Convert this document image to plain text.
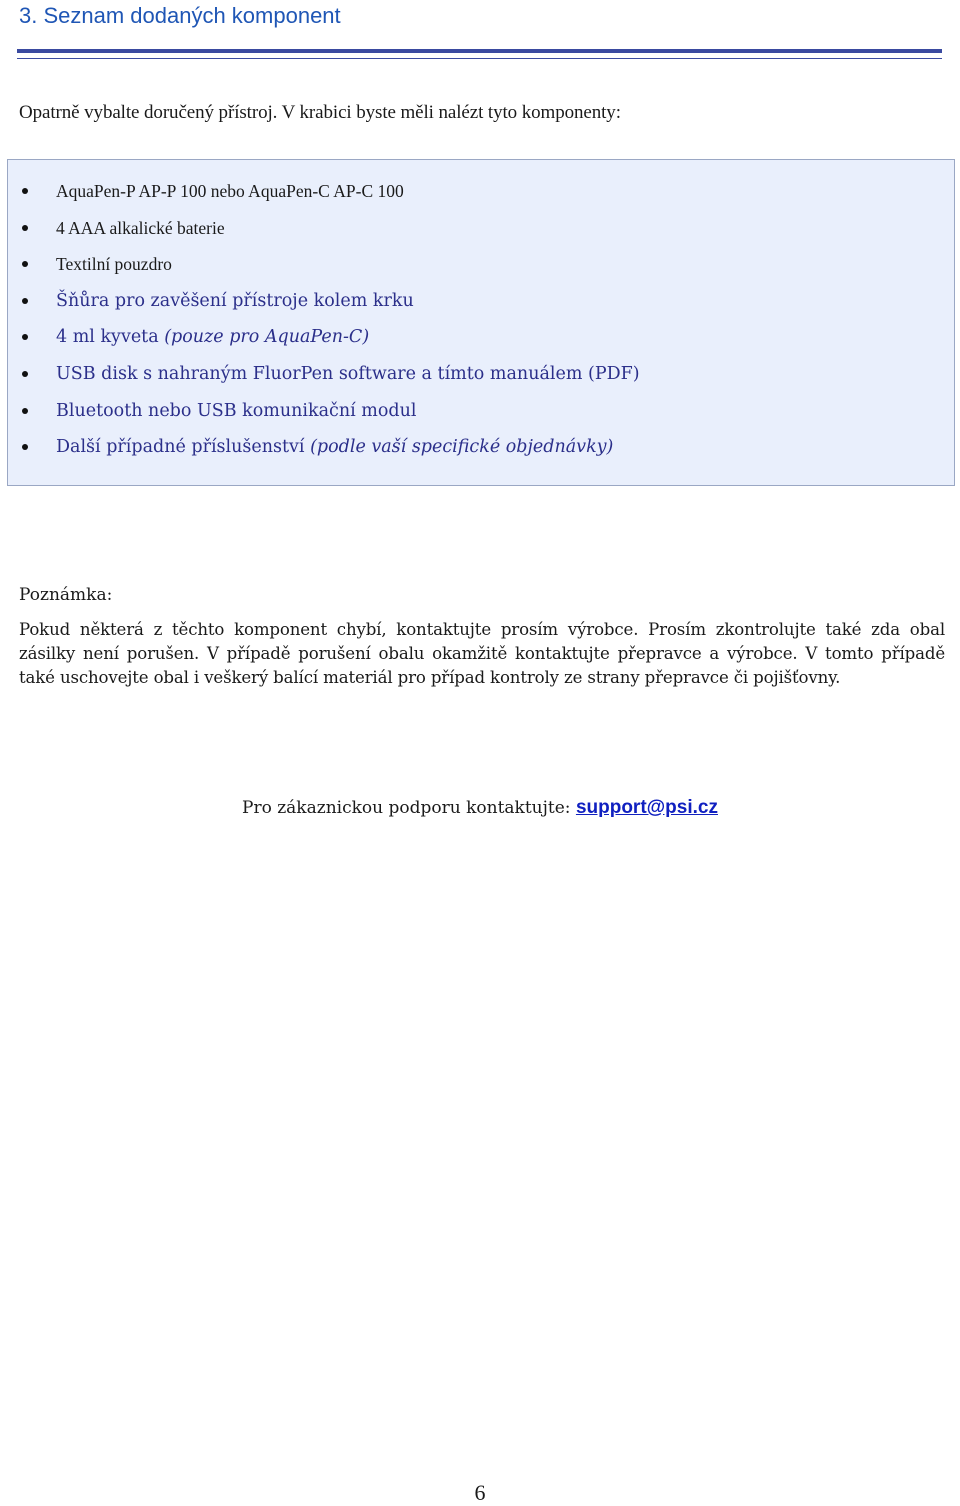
3. Seznam dodaných komponent

Opatrně vybalte doručený přístroj. V krabici byste měli nalézt tyto komponenty:

AquaPen-P AP-P 100 nebo AquaPen-C AP-C 100
4 AAA alkalické baterie
Textilní pouzdro
Šňůra pro zavěšení přístroje kolem krku
4 ml kyveta (pouze pro AquaPen-C)
USB disk s nahraným FluorPen software a tímto manuálem (PDF)
Bluetooth nebo USB komunikační modul
Další případné příslušenství (podle vaší specifické objednávky)

Poznámka:

Pokud některá z těchto komponent chybí, kontaktujte prosím výrobce. Prosím zkontrolujte také zda obal zásilky není porušen. V případě porušení obalu okamžitě kontaktujte přepravce a výrobce. V tomto případě také uschovejte obal i veškerý balící materiál pro případ kontroly ze strany přepravce či pojišťovny.

Pro zákaznickou podporu kontaktujte: support@psi.cz

6
